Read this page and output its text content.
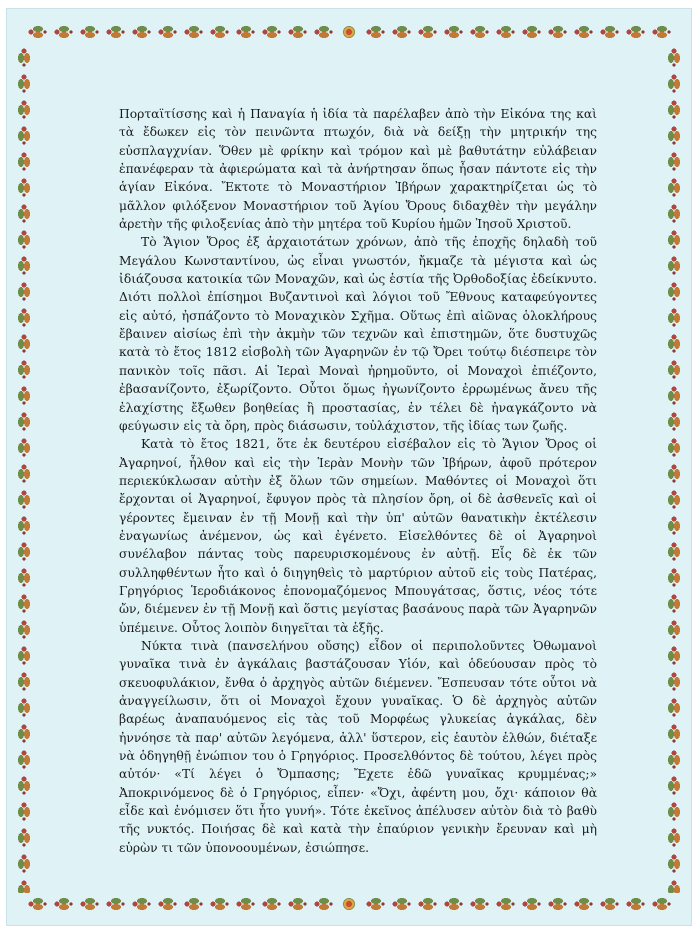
Πορταϊτίσσης καὶ ἡ Παναγία ἡ ἰδία τὰ παρέλαβεν ἀπὸ τὴν Εἰκόνα της καὶ τὰ ἔδωκεν εἰς τὸν πεινῶντα πτωχόν, διὰ νὰ δείξῃ τὴν μητρικήν της εὐσπλαγχνίαν. Ὅθεν μὲ φρίκην καὶ τρόμον καὶ μὲ βαθυτάτην εὐλάβειαν ἐπανέφεραν τὰ ἀφιερώματα καὶ τὰ ἀνήρτησαν ὅπως ἦσαν πάντοτε εἰς τὴν ἁγίαν Εἰκόνα. Ἔκτοτε τὸ Μοναστήριον Ἰβήρων χαρακτηρίζεται ὡς τὸ μᾶλλον φιλόξενον Μοναστήριον τοῦ Ἁγίου Ὄρους διδαχθὲν τὴν μεγάλην ἀρετὴν τῆς φιλοξενίας ἀπὸ τὴν μητέρα τοῦ Κυρίου ἡμῶν Ἰησοῦ Χριστοῦ.

Τὸ Ἅγιον Ὄρος ἐξ ἀρχαιοτάτων χρόνων, ἀπὸ τῆς ἐποχῆς δηλαδὴ τοῦ Μεγάλου Κωνσταντίνου, ὡς εἶναι γνωστόν, ἤκμαζε τὰ μέγιστα καὶ ὡς ἰδιάζουσα κατοικία τῶν Μοναχῶν, καὶ ὡς ἑστία τῆς Ὀρθοδοξίας ἐδείκνυτο. Διότι πολλοὶ ἐπίσημοι Βυζαντινοὶ καὶ λόγιοι τοῦ Ἔθνους καταφεύγοντες εἰς αὐτό, ἠσπάζοντο τὸ Μοναχικὸν Σχῆμα. Οὕτως ἐπὶ αἰῶνας ὁλοκλήρους ἔβαινεν αἰσίως ἐπὶ τὴν ἀκμὴν τῶν τεχνῶν καὶ ἐπιστημῶν, ὅτε δυστυχῶς κατὰ τὸ ἔτος 1812 εἰσβολὴ τῶν Ἀγαρηνῶν ἐν τῷ Ὄρει τούτῳ διέσπειρε τὸν πανικὸν τοῖς πᾶσι. Αἱ Ἱεραὶ Μοναὶ ἠρημοῦντο, οἱ Μοναχοὶ ἐπιέζοντο, ἐβασανίζοντο, ἐξωρίζοντο. Οὗτοι ὅμως ἠγωνίζοντο ἐρρωμένως ἄνευ τῆς ἐλαχίστης ἔξωθεν βοηθείας ἢ προστασίας, ἐν τέλει δὲ ἠναγκάζοντο νὰ φεύγωσιν εἰς τὰ ὄρη, πρὸς διάσωσιν, τοὐλάχιστον, τῆς ἰδίας των ζωῆς.

Κατὰ τὸ ἔτος 1821, ὅτε ἐκ δευτέρου εἰσέβαλον εἰς τὸ Ἅγιον Ὄρος οἱ Ἀγαρηνοί, ἦλθον καὶ εἰς τὴν Ἱερὰν Μονὴν τῶν Ἰβήρων, ἀφοῦ πρότερον περιεκύκλωσαν αὐτὴν ἐξ ὅλων τῶν σημείων. Μαθόντες οἱ Μοναχοὶ ὅτι ἔρχονται οἱ Ἀγαρηνοί, ἔφυγον πρὸς τὰ πλησίον ὄρη, οἱ δὲ ἀσθενεῖς καὶ οἱ γέροντες ἔμειναν ἐν τῇ Μονῇ καὶ τὴν ὑπ' αὐτῶν θανατικὴν ἐκτέλεσιν ἐναγωνίως ἀνέμενον, ὡς καὶ ἐγένετο. Εἰσελθόντες δὲ οἱ Ἀγαρηνοὶ συνέλαβον πάντας τοὺς παρευρισκομένους ἐν αὐτῇ. Εἷς δὲ ἐκ τῶν συλληφθέντων ἦτο καὶ ὁ διηγηθεὶς τὸ μαρτύριον αὐτοῦ εἰς τοὺς Πατέρας, Γρηγόριος Ἱεροδιάκονος ἐπονομαζόμενος Μπουγάτσας, ὅστις, νέος τότε ὤν, διέμενεν ἐν τῇ Μονῇ καὶ ὅστις μεγίστας βασάνους παρὰ τῶν Ἀγαρηνῶν ὑπέμεινε. Οὗτος λοιπὸν διηγεῖται τὰ ἑξῆς.

Νύκτα τινὰ (πανσελήνου οὔσης) εἶδον οἱ περιπολοῦντες Ὀθωμανοὶ γυναῖκα τινὰ ἐν ἀγκάλαις βαστάζουσαν Υἱόν, καὶ ὁδεύουσαν πρὸς τὸ σκευοφυλάκιον, ἔνθα ὁ ἀρχηγὸς αὐτῶν διέμενεν. Ἔσπευσαν τότε οὗτοι νὰ ἀναγγείλωσιν, ὅτι οἱ Μοναχοὶ ἔχουν γυναῖκας. Ὁ δὲ ἀρχηγὸς αὐτῶν βαρέως ἀναπαυόμενος εἰς τὰς τοῦ Μορφέως γλυκείας ἀγκάλας, δὲν ἠννόησε τὰ παρ' αὐτῶν λεγόμενα, ἀλλ' ὕστερον, εἰς ἑαυτὸν ἐλθών, διέταξε νὰ ὁδηγηθῇ ἐνώπιον του ὁ Γρηγόριος. Προσελθόντος δὲ τούτου, λέγει πρὸς αὐτόν· «Τί λέγει ὁ Ὄμπασης; Ἔχετε ἐδῶ γυναῖκας κρυμμένας;» Ἀποκρινόμενος δὲ ὁ Γρηγόριος, εἶπεν· «Ὄχι, ἀφέντη μου, ὄχι· κάποιον θὰ εἶδε καὶ ἐνόμισεν ὅτι ἦτο γυνή». Τότε ἐκεῖνος ἀπέλυσεν αὐτὸν διὰ τὸ βαθὺ τῆς νυκτός. Ποιήσας δὲ καὶ κατὰ τὴν ἐπαύριον γενικὴν ἔρευναν καὶ μὴ εὑρὼν τι τῶν ὑπονοουμένων, ἐσιώπησε.
